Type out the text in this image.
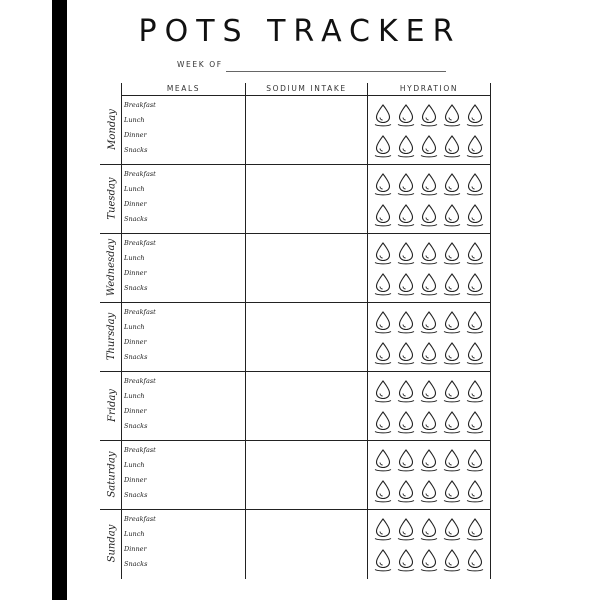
POTS TRACKER
WEEK OF
MEALS	SODIUM INTAKE	HYDRATION
Monday
Breakfast
Lunch
Dinner
Snacks
Tuesday
Breakfast
Lunch
Dinner
Snacks
Wednesday Breakfast
Lunch
Dinner
Snacks
Thursday
Breakfast
Lunch
Dinner
Snacks
Friday
Breakfast
Lunch
Dinner
Snacks
Saturday
Breakfast
Lunch
Dinner
Snacks
Sunday
Breakfast
Lunch
Dinner
Snacks
